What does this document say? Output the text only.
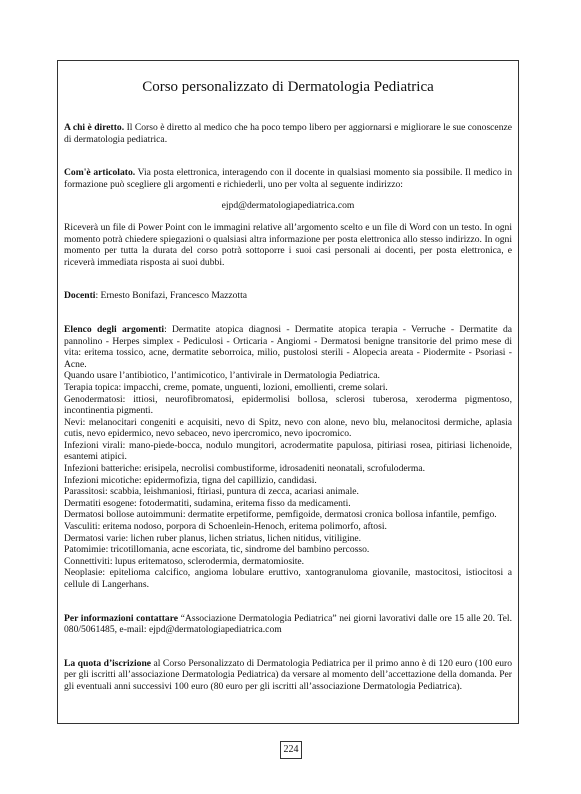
Corso personalizzato di Dermatologia Pediatrica

A chi è diretto. Il Corso è diretto al medico che ha poco tempo libero per aggiornarsi e migliorare le sue conoscenze di dermatologia pediatrica.

Com'è articolato. Via posta elettronica, interagendo con il docente in qualsiasi momento sia possibile. Il medico in formazione può scegliere gli argomenti e richiederli, uno per volta al seguente indirizzo:

ejpd@dermatologiapediatrica.com

Riceverà un file di Power Point con le immagini relative all’argomento scelto e un file di Word con un testo. In ogni momento potrà chiedere spiegazioni o qualsiasi altra informazione per posta elettronica allo stesso indirizzo. In ogni momento per tutta la durata del corso potrà sottoporre i suoi casi personali ai docenti, per posta elettronica, e riceverà immediata risposta ai suoi dubbi.

Docenti: Ernesto Bonifazi, Francesco Mazzotta

Elenco degli argomenti: Dermatite atopica diagnosi - Dermatite atopica terapia - Verruche - Dermatite da pannolino - Herpes simplex - Pediculosi - Orticaria - Angiomi - Dermatosi benigne transitorie del primo mese di vita: eritema tossico, acne, dermatite seborroica, milio, pustolosi sterili - Alopecia areata - Piodermite - Psoriasi - Acne.

Quando usare l’antibiotico, l’antimicotico, l’antivirale in Dermatologia Pediatrica.

Terapia topica: impacchi, creme, pomate, unguenti, lozioni, emollienti, creme solari.

Genodermatosi: ittiosi, neurofibromatosi, epidermolisi bollosa, sclerosi tuberosa, xeroderma pigmentoso, incontinentia pigmenti.

Nevi: melanocitari congeniti e acquisiti, nevo di Spitz, nevo con alone, nevo blu, melanocitosi dermiche, aplasia cutis, nevo epidermico, nevo sebaceo, nevo ipercromico, nevo ipocromico.

Infezioni virali: mano-piede-bocca, nodulo mungitori, acrodermatite papulosa, pitiriasi rosea, pitiriasi lichenoide, esantemi atipici.

Infezioni batteriche: erisipela, necrolisi combustiforme, idrosadeniti neonatali, scrofuloderma.

Infezioni micotiche: epidermofizia, tigna del capillizio, candidasi.

Parassitosi: scabbia, leishmaniosi, ftiriasi, puntura di zecca, acariasi animale.

Dermatiti esogene: fotodermatiti, sudamina, eritema fisso da medicamenti.

Dermatosi bollose autoimmuni: dermatite erpetiforme, pemfigoide, dermatosi cronica bollosa infantile, pemfigo.

Vasculiti: eritema nodoso, porpora di Schoenlein-Henoch, eritema polimorfo, aftosi.

Dermatosi varie: lichen ruber planus, lichen striatus, lichen nitidus, vitiligine.

Patomimie: tricotillomania, acne escoriata, tic, sindrome del bambino percosso.

Connettiviti: lupus eritematoso, sclerodermia, dermatomiosite.

Neoplasie: epitelioma calcifico, angioma lobulare eruttivo, xantogranuloma giovanile, mastocitosi, istiocitosi a cellule di Langerhans.

Per informazioni contattare “Associazione Dermatologia Pediatrica” nei giorni lavorativi dalle ore 15 alle 20. Tel. 080/5061485, e-mail: ejpd@dermatologiapediatrica.com

La quota d’iscrizione al Corso Personalizzato di Dermatologia Pediatrica per il primo anno è di 120 euro (100 euro per gli iscritti all’associazione Dermatologia Pediatrica) da versare al momento dell’accettazione della domanda. Per gli eventuali anni successivi 100 euro (80 euro per gli iscritti all’associazione Dermatologia Pediatrica).

224
